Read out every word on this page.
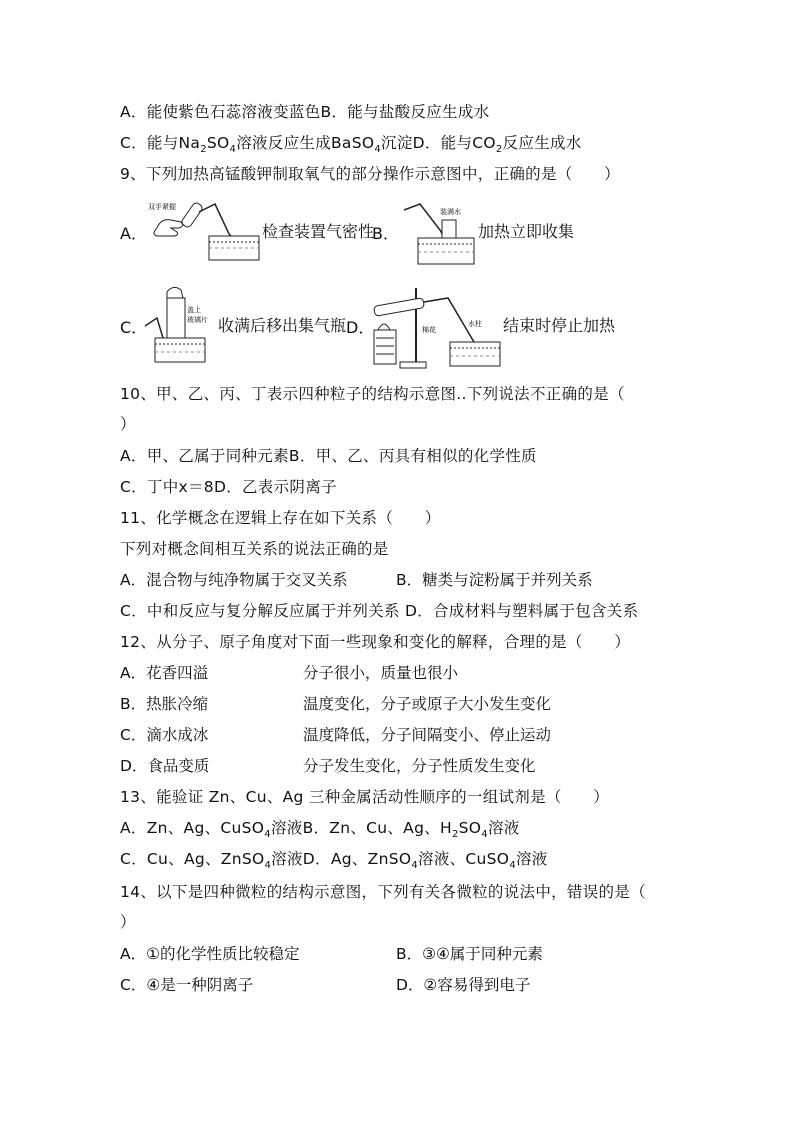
A．能使紫色石蕊溶液变蓝色B．能与盐酸反应生成水
C．能与$Na_2SO_4$溶液反应生成BaSO$_4$沉淀D．能与$CO_2$反应生成水
9、下列加热高锰酸钾制取氧气的部分操作示意图中，正确的是（　　）
A．
双手紧握
检查装置气密性
B．
装满水
加热立即收集
C．
盖上
玻璃片 收满后移出集气瓶 D．	棉花
水柱 结束时停止加热
10、甲、乙、丙、丁表示四种粒子的结构示意图..下列说法不正确的是（
）
A．甲、乙属于同种元素B．甲、乙、丙具有相似的化学性质
C．丁中x＝8D．乙表示阴离子
11、化学概念在逻辑上存在如下关系（　　）
下列对概念间相互关系的说法正确的是
A．混合物与纯净物属于交叉关系	B．糖类与淀粉属于并列关系
C．中和反应与复分解反应属于并列关系 D．合成材料与塑料属于包含关系
12、从分子、原子角度对下面一些现象和变化的解释，合理的是（　　）
A．花香四溢	分子很小，质量也很小
B．热胀冷缩	温度变化，分子或原子大小发生变化
C．滴水成冰	温度降低，分子间隔变小、停止运动
D．食品变质	分子发生变化，分子性质发生变化
13、能验证 Zn、Cu、Ag 三种金属活动性顺序的一组试剂是（　　）
A．Zn、Ag、CuSO$_4$溶液B．Zn、Cu、Ag、$H_2SO_4$溶液
C．Cu、Ag、ZnSO$_4$溶液D．Ag、ZnSO$_4$溶液、CuSO$_4$溶液
14、以下是四种微粒的结构示意图，下列有关各微粒的说法中，错误的是（
）
A．①的化学性质比较稳定	B．③④属于同种元素
C．④是一种阴离子	D．②容易得到电子
